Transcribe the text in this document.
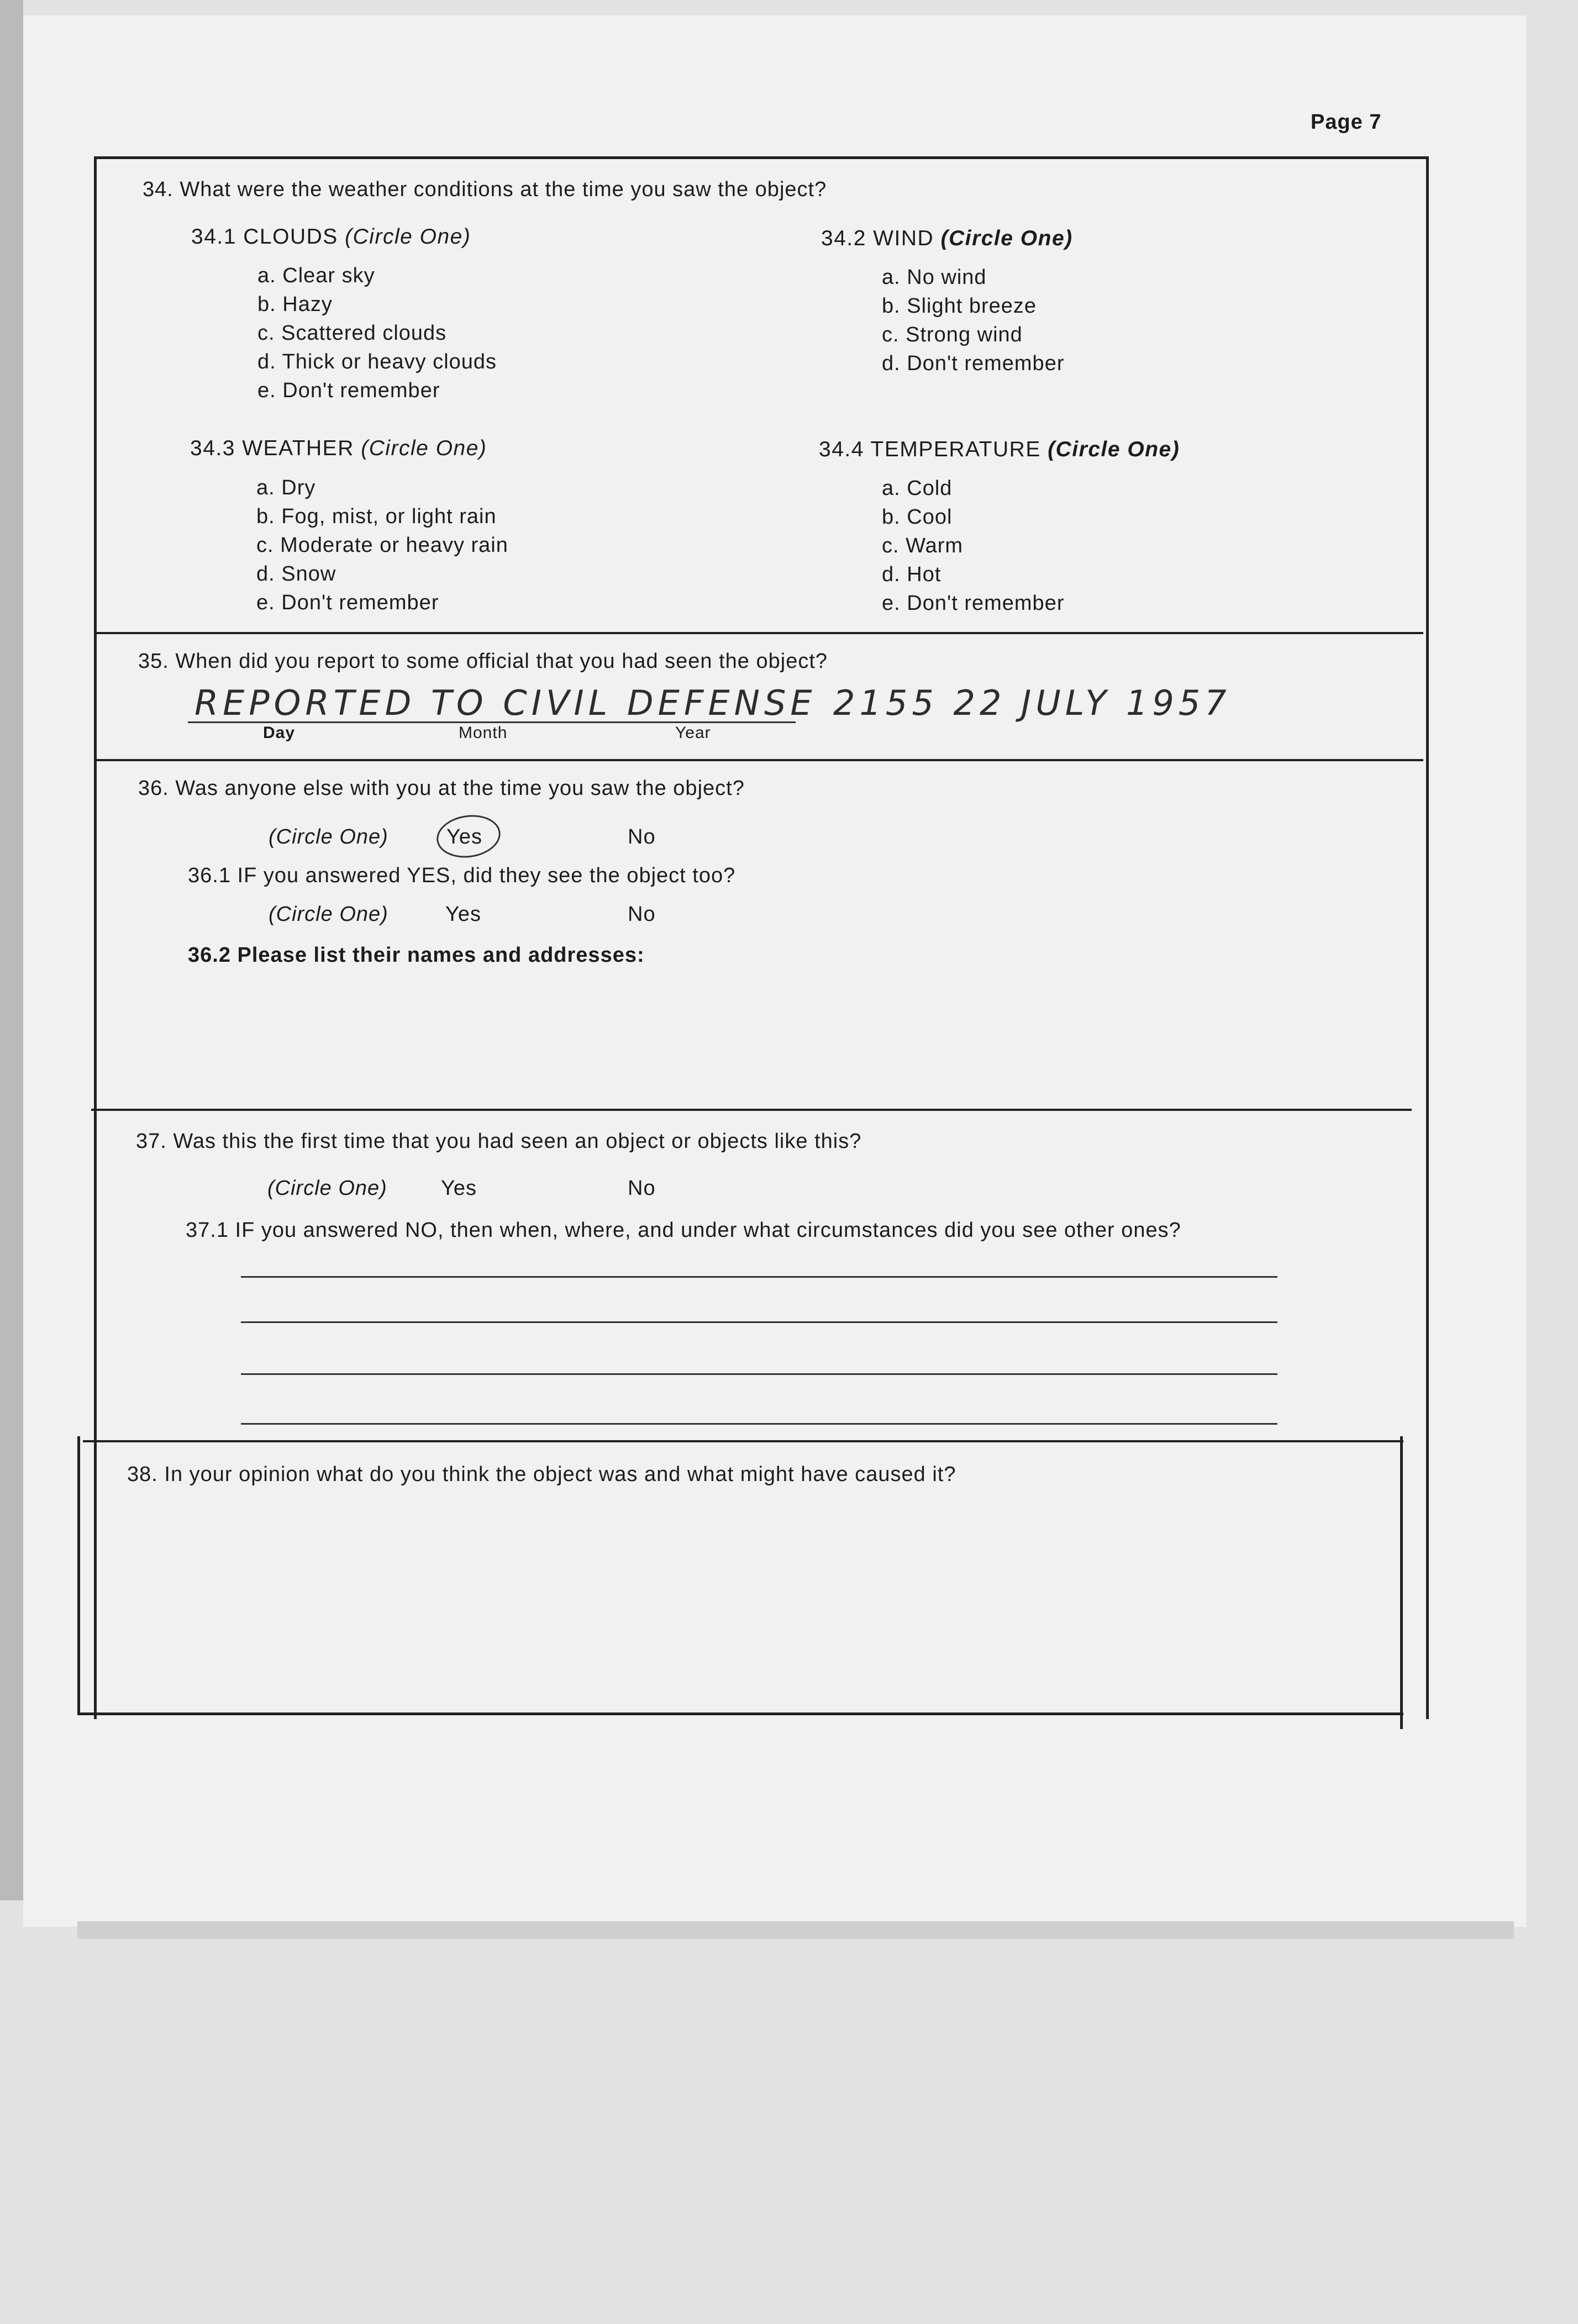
Page 7
34. What were the weather conditions at the time you saw the object?
34.1 CLOUDS (Circle One)
a. Clear sky
b. Hazy
c. Scattered clouds
d. Thick or heavy clouds
e. Don't remember
34.2 WIND (Circle One)
a. No wind
b. Slight breeze
c. Strong wind
d. Don't remember
34.3 WEATHER (Circle One)
a. Dry
b. Fog, mist, or light rain
c. Moderate or heavy rain
d. Snow
e. Don't remember
34.4 TEMPERATURE (Circle One)
a. Cold
b. Cool
c. Warm
d. Hot
e. Don't remember
35. When did you report to some official that you had seen the object?
REPORTED TO CIVIL DEFENSE 2155 22 JULY 1957
Day	Month	Year
36. Was anyone else with you at the time you saw the object?
(Circle One)	Yes	No
36.1 IF you answered YES, did they see the object too?
(Circle One)	Yes	No
36.2 Please list their names and addresses:
37. Was this the first time that you had seen an object or objects like this?
(Circle One)	Yes	No
37.1 IF you answered NO, then when, where, and under what circumstances did you see other ones?
38. In your opinion what do you think the object was and what might have caused it?
